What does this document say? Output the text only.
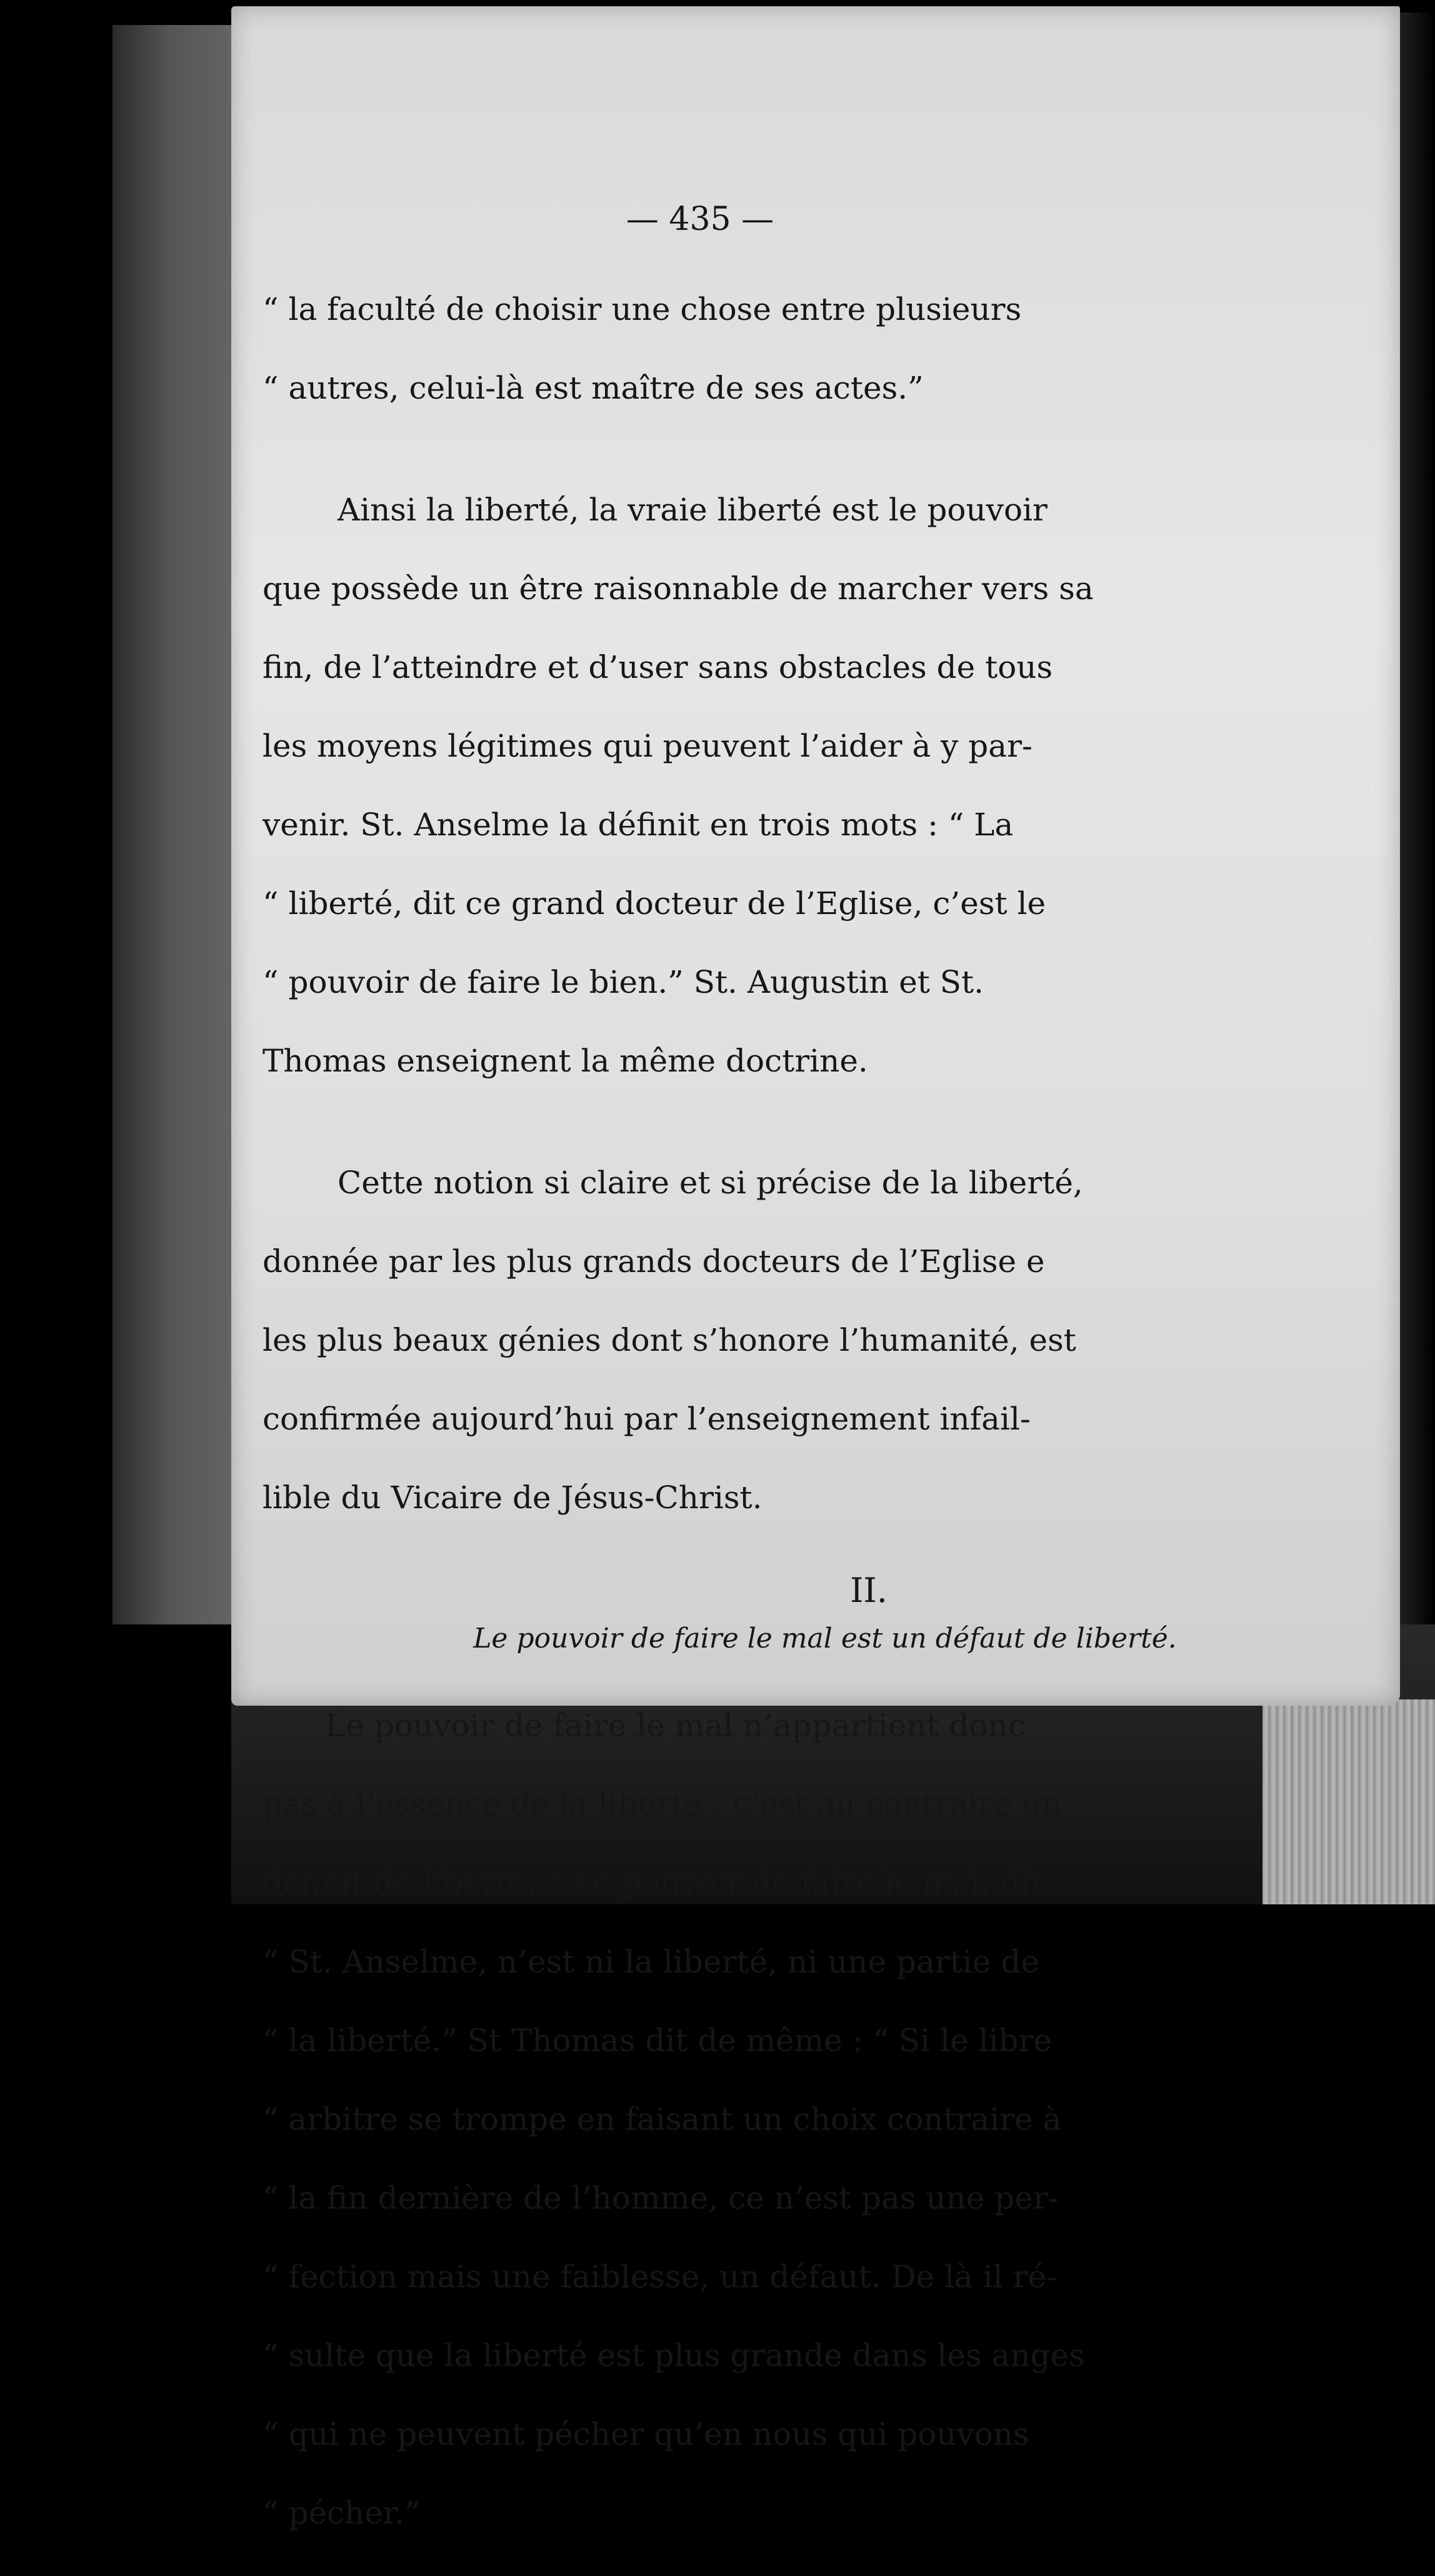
— 435 —

“ la faculté de choisir une chose entre plusieurs

“ autres, celui-là est maître de ses actes.”

Ainsi la liberté, la vraie liberté est le pouvoir

que possède un être raisonnable de marcher vers sa

fin, de l’atteindre et d’user sans obstacles de tous

les moyens légitimes qui peuvent l’aider à y par-

venir. St. Anselme la définit en trois mots : “ La

“ liberté, dit ce grand docteur de l’Eglise, c’est le

“ pouvoir de faire le bien.” St. Augustin et St.

Thomas enseignent la même doctrine.

Cette notion si claire et si précise de la liberté,

donnée par les plus grands docteurs de l’Eglise e

les plus beaux génies dont s’honore l’humanité, est

confirmée aujourd’hui par l’enseignement infail-

lible du Vicaire de Jésus-Christ.

II.
Le pouvoir de faire le mal est un défaut de liberté.

Le pouvoir de faire le mal n’appartient donc

pas à l’essence de la liberté ; c’est au contraire un

défaut de liberté. “ Le pouvoir de faire le mal, dit

“ St. Anselme, n’est ni la liberté, ni une partie de

“ la liberté.” St Thomas dit de même : “ Si le libre

“ arbitre se trompe en faisant un choix contraire à

“ la fin dernière de l’homme, ce n’est pas une per-

“ fection mais une faiblesse, un défaut. De là il ré-

“ sulte que la liberté est plus grande dans les anges

“ qui ne peuvent pécher qu’en nous qui pouvons

“ pécher.”
